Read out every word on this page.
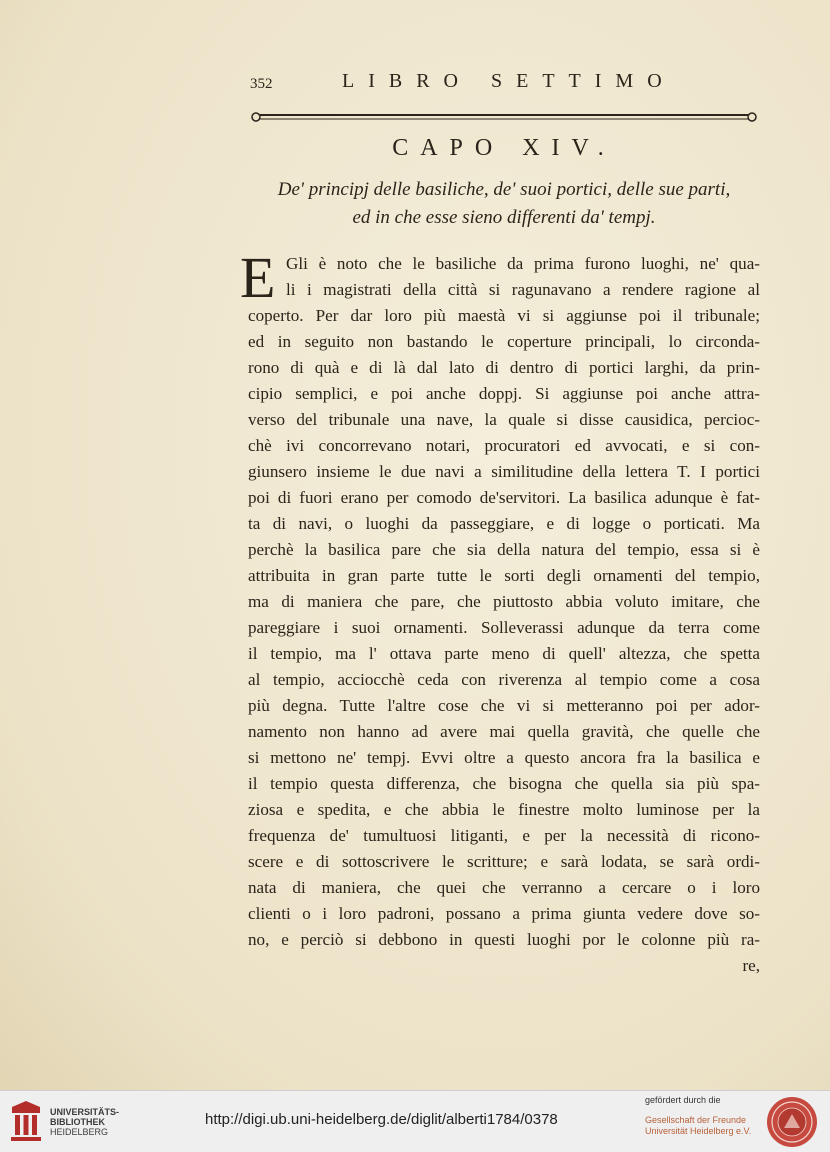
352	LIBRO SETTIMO
CAPO XIV.
De' principj delle basiliche, de' suoi portici, delle sue parti,
ed in che esse sieno differenti da' tempj.
E Gli è noto che le basiliche da prima furono luoghi, ne' qua-
li i magistrati della città si ragunavano a rendere ragione al
coperto. Per dar loro più maestà vi si aggiunse poi il tribunale;
ed in seguito non bastando le coperture principali, lo circonda-
rono di quà e di là dal lato di dentro di portici larghi, da prin-
cipio semplici, e poi anche doppj. Si aggiunse poi anche attra-
verso del tribunale una nave, la quale si disse causidica, percioc-
chè ivi concorrevano notari, procuratori ed avvocati, e si con-
giunsero insieme le due navi a similitudine della lettera T. I portici
poi di fuori erano per comodo de'servitori. La basilica adunque è fat-
ta di navi, o luoghi da passeggiare, e di logge o porticati. Ma
perchè la basilica pare che sia della natura del tempio, essa si è
attribuita in gran parte tutte le sorti degli ornamenti del tempio,
ma di maniera che pare, che piuttosto abbia voluto imitare, che
pareggiare i suoi ornamenti. Solleverassi adunque da terra come
il tempio, ma l' ottava parte meno di quell' altezza, che spetta
al tempio, acciocchè ceda con riverenza al tempio come a cosa
più degna. Tutte l'altre cose che vi si metteranno poi per ador-
namento non hanno ad avere mai quella gravità, che quelle che
si mettono ne' tempj. Evvi oltre a questo ancora fra la basilica e
il tempio questa differenza, che bisogna che quella sia più spa-
ziosa e spedita, e che abbia le finestre molto luminose per la
frequenza de' tumultuosi litiganti, e per la necessità di ricono-
scere e di sottoscrivere le scritture; e sarà lodata, se sarà ordi-
nata di maniera, che quei che verranno a cercare o i loro
clienti o i loro padroni, possano a prima giunta vedere dove so-
no, e perciò si debbono in questi luoghi por le colonne più ra-
re,
UNIVERSITÄTS-
BIBLIOTHEK
HEIDELBERG
http://digi.ub.uni-heidelberg.de/diglit/alberti1784/0378
gefördert durch die
Gesellschaft der Freunde
Universität Heidelberg e.V.
